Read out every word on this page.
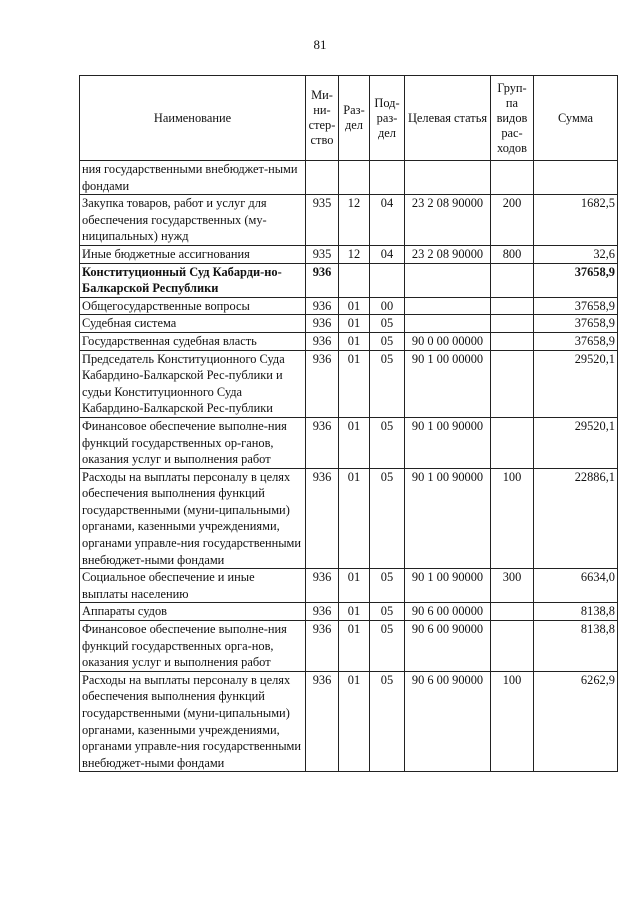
81
Наименование	Ми-ни-стер-ство	Раз-дел	Под-раз-дел	Целевая статья	Груп-па видов рас-ходов	Сумма
ния государственными внебюджет-ными фондами						
Закупка товаров, работ и услуг для обеспечения государственных (му-ниципальных) нужд	935	12	04	23 2 08 90000	200	1682,5
Иные бюджетные ассигнования	935	12	04	23 2 08 90000	800	32,6
Конституционный Суд Кабарди-но-Балкарской Республики	936					37658,9
Общегосударственные вопросы	936	01	00			37658,9
Судебная система	936	01	05			37658,9
Государственная судебная власть	936	01	05	90 0 00 00000		37658,9
Председатель Конституционного Суда Кабардино-Балкарской Рес-публики и судьи Конституционного Суда Кабардино-Балкарской Рес-публики	936	01	05	90 1 00 00000		29520,1
Финансовое обеспечение выполне-ния функций государственных ор-ганов, оказания услуг и выполнения работ	936	01	05	90 1 00 90000		29520,1
Расходы на выплаты персоналу в целях обеспечения выполнения функций государственными (муни-ципальными) органами, казенными учреждениями, органами управле-ния государственными внебюджет-ными фондами	936	01	05	90 1 00 90000	100	22886,1
Социальное обеспечение и иные выплаты населению	936	01	05	90 1 00 90000	300	6634,0
Аппараты судов	936	01	05	90 6 00 00000		8138,8
Финансовое обеспечение выполне-ния функций государственных орга-нов, оказания услуг и выполнения работ	936	01	05	90 6 00 90000		8138,8
Расходы на выплаты персоналу в целях обеспечения выполнения функций государственными (муни-ципальными) органами, казенными учреждениями, органами управле-ния государственными внебюджет-ными фондами	936	01	05	90 6 00 90000	100	6262,9
